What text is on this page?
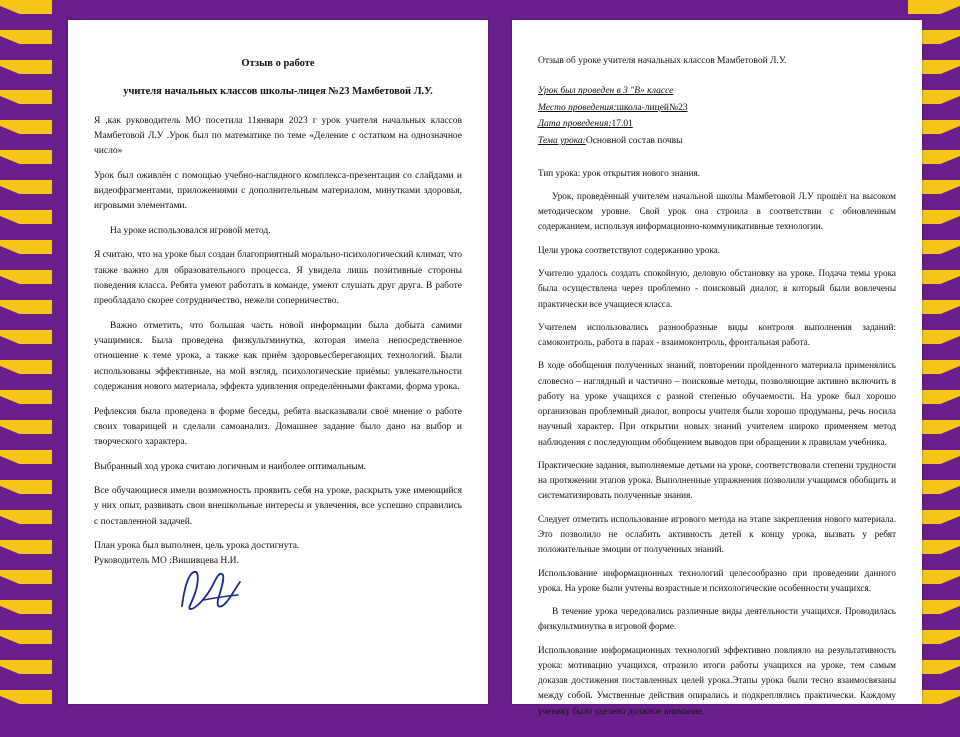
Отзыв о работе
учителя начальных классов школы-лицея №23 Мамбетовой Л.У.

Я ,как руководитель МО посетила 11января 2023 г урок учителя начальных классов Мамбетовой Л.У .Урок был по математике по теме «Деление с остатком на однозначное число»

Урок был оживлён с помощью учебно-наглядного комплекса-презентация со слайдами и видеофрагментами, приложениями с дополнительным материалом, минутками здоровья, игровыми элементами.

На уроке использовался игровой метод.

Я считаю, что на уроке был создан благоприятный морально-психологический климат, что также важно для образовательного процесса. Я увидела лишь позитивные стороны поведения класса. Ребята умеют работать в команде, умеют слушать друг друга. В работе преобладало скорее сотрудничество, нежели соперничество.

Важно отметить, что большая часть новой информации была добыта самими учащимися. Была проведена физкультминутка, которая имела непосредственное отношение к теме урока, а также как приём здоровьесберегающих технологий. Были использованы эффективные, на мой взгляд, психологические приёмы: увлекательности содержания нового материала, эффекта удивления определёнными фактами, форма урока.

Рефлексия была проведена в форме беседы, ребята высказывали своё мнение о работе своих товарищей и сделали самоанализ. Домашнее задание было дано на выбор и творческого характера.

Выбранный ход урока считаю логичным и наиболее оптимальным.

Все обучающиеся имели возможность проявить себя на уроке, раскрыть уже имеющийся у них опыт, развивать свои внешкольные интересы и увлечения, все успешно справились с поставленной задачей.

План урока был выполнен, цель урока достигнута.
Руководитель МО :Вишивцева Н.И.
Отзыв об уроке учителя начальных классов Мамбетовой Л.У.
Урок был проведен в 3 "B» классе
Место проведения:школа-лицей№23
Дата проведения:17.01
Тема урока:Основной состав почвы

Тип урока: урок открытия нового знания.

Урок, проведённый учителем начальной школы Мамбетовой Л.У прошёл на высоком методическом уровне. Свой урок она строила в соответствии с обновленным содержанием, используя информационно-коммуникативные технологии.

Цели урока соответствуют содержанию урока.

Учителю удалось создать спокойную, деловую обстановку на уроке. Подача темы урока была осуществлена через проблемно - поисковый диалог, в который были вовлечены практически все учащиеся класса.

Учителем использовались разнообразные виды контроля выполнения заданий: самоконтроль, работа в парах - взаимоконтроль, фронтальная работа.

В ходе обобщения полученных знаний, повторении пройденного материала применялись словесно – наглядный и частично – поисковые методы, позволяющие активно включить в работу на уроке учащихся с разной степенью обучаемости. На уроке был хорошо организован проблемный диалог, вопросы учителя были хорошо продуманы, речь носила научный характер. При открытии новых знаний учителем широко применяем метод наблюдения с последующим обобщением выводов при обращении к правилам учебника.

Практические задания, выполняемые детьми на уроке, соответствовали степени трудности на протяжении этапов урока. Выполненные упражнения позволили учащимся обобщить и систематизировать полученные знания.

Следует отметить использование игрового метода на этапе закрепления нового материала. Это позволило не ослабить активность детей к концу урока, вызвать у ребят положительные эмоции от полученных знаний.

Использование информационных технологий целесообразно при проведении данного урока. На уроке были учтены возрастные и психологические особенности учащихся.

В течение урока чередовались различные виды деятельности учащихся. Проводилась физкультминутка в игровой форме.

Использование информационных технологий эффективно повлияло на результативность урока: мотивацию учащихся, отразило итоги работы учащихся на уроке, тем самым доказав достижения поставленных целей урока.Этапы урока были тесно взаимосвязаны между собой. Умственные действия опирались и подкреплялись практически. Каждому ученику было уделено должное внимание.
